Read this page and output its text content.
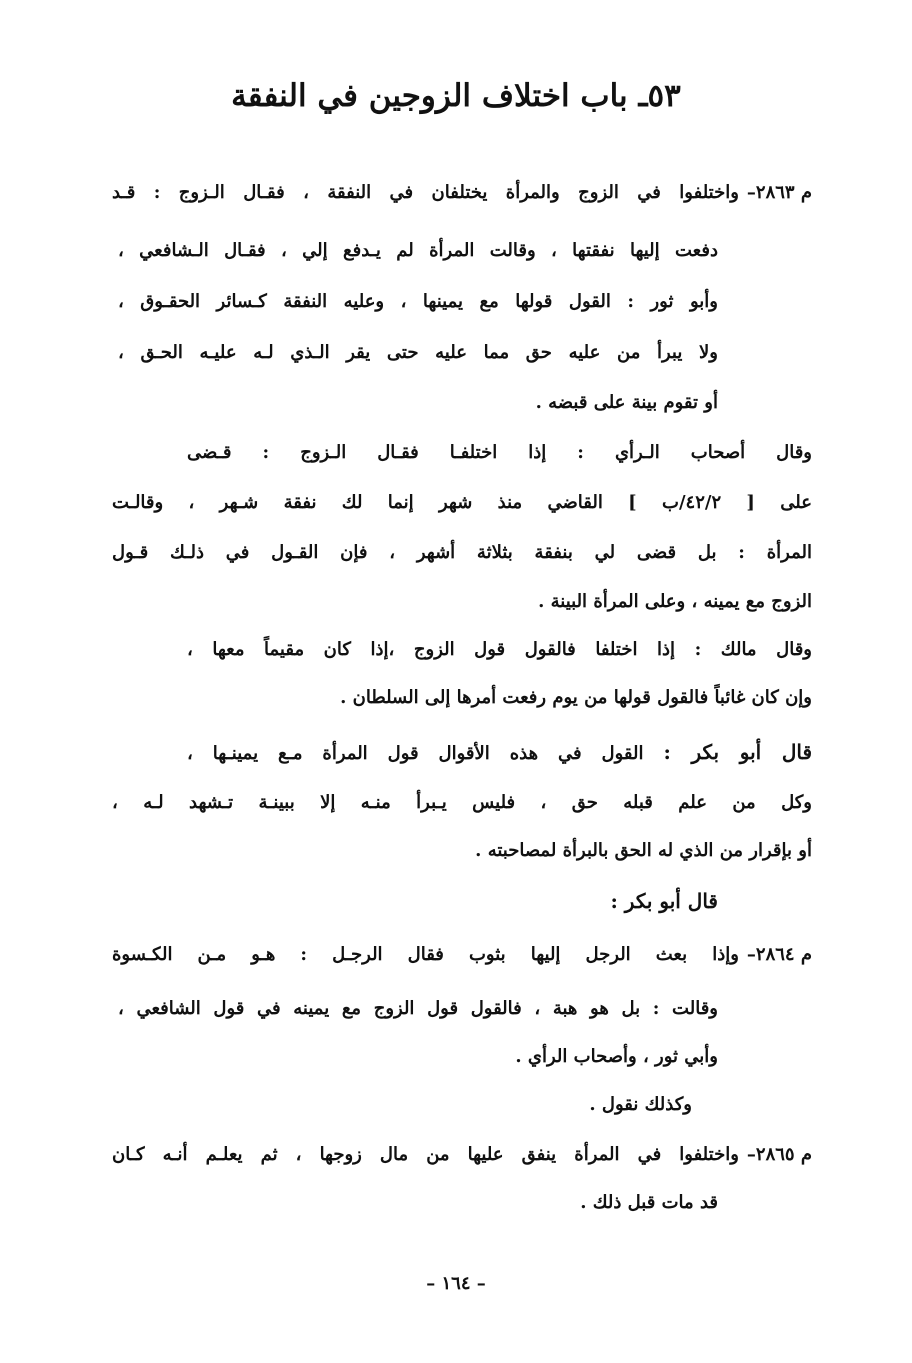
٥٣ـ باب اختلاف الزوجين في النفقة
م ٢٨٦٣–واختلفوا في الزوج والمرأة يختلفان في النفقة ، فقـال الـزوج : قـد
دفعت إليها نفقتها ، وقالت المرأة لم يـدفع إلي ، فقـال الـشافعي ،
وأبو ثور : القول قولها مع يمينها ، وعليه النفقة كـسائر الحقـوق ،
ولا يبرأ من عليه حق مما عليه حتى يقر الـذي لـه عليـه الحـق ،
أو تقوم بينة على قبضه .
وقال أصحاب الـرأي : إذا اختلفـا فقـال الـزوج : قـضى
على [ ٤٢/٢/ب ] القاضي منذ شهر إنما لك نفقة شـهر ، وقالـت
المرأة : بل قضى لي بنفقة بثلاثة أشهر ، فإن القـول في ذلـك قـول
الزوج مع يمينه ، وعلى المرأة البينة .
وقال مالك : إذا اختلفا فالقول قول الزوج ،إذا كان مقيماً معها ،
وإن كان غائباً فالقول قولها من يوم رفعت أمرها إلى السلطان .
قال أبو بكر : القول في هذه الأقوال قول المرأة مـع يمينـها ،
وكل من علم قبله حق ، فليس يـبرأ منـه إلا ببينـة تـشهد لـه ،
أو بإقرار من الذي له الحق بالبرأة لمصاحبته .
قال أبو بكر :
م ٢٨٦٤–وإذا بعث الرجل إليها بثوب فقال الرجـل : هـو مـن الكـسوة
وقالت : بل هو هبة ، فالقول قول الزوج مع يمينه في قول الشافعي ،
وأبي ثور ، وأصحاب الرأي .
وكذلك نقول .
م ٢٨٦٥–واختلفوا في المرأة ينفق عليها من مال زوجها ، ثم يعلـم أنـه كـان
قد مات قبل ذلك .
– ١٦٤ –
